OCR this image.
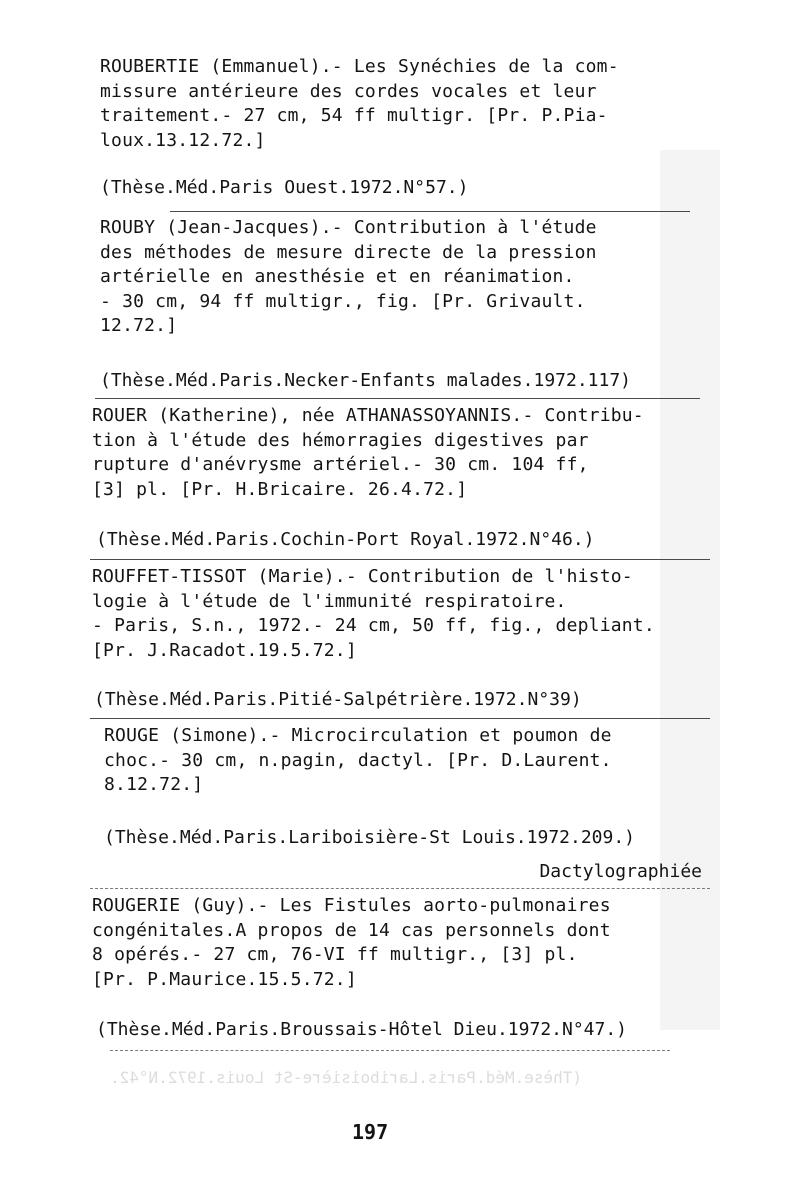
ROUBERTIE (Emmanuel).- Les Synéchies de la com-
missure antérieure des cordes vocales et leur
traitement.- 27 cm, 54 ff multigr. [Pr. P.Pia-
loux.13.12.72.]
(Thèse.Méd.Paris Ouest.1972.N°57.)
ROUBY (Jean-Jacques).- Contribution à l'étude
des méthodes de mesure directe de la pression
artérielle en anesthésie et en réanimation.
- 30 cm, 94 ff multigr., fig. [Pr. Grivault.
12.72.]
(Thèse.Méd.Paris.Necker-Enfants malades.1972.117)
ROUER (Katherine), née ATHANASSOYANNIS.- Contribu-
tion à l'étude des hémorragies digestives par
rupture d'anévrysme artériel.- 30 cm. 104 ff,
[3] pl. [Pr. H.Bricaire. 26.4.72.]
(Thèse.Méd.Paris.Cochin-Port Royal.1972.N°46.)
ROUFFET-TISSOT (Marie).- Contribution de l'histo-
logie à l'étude de l'immunité respiratoire.
- Paris, S.n., 1972.- 24 cm, 50 ff, fig., depliant.
[Pr. J.Racadot.19.5.72.]
(Thèse.Méd.Paris.Pitié-Salpétrière.1972.N°39)
ROUGE (Simone).- Microcirculation et poumon de
choc.- 30 cm, n.pagin, dactyl. [Pr. D.Laurent.
8.12.72.]
(Thèse.Méd.Paris.Lariboisière-St Louis.1972.209.)
Dactylographiée
ROUGERIE (Guy).- Les Fistules aorto-pulmonaires
congénitales.A propos de 14 cas personnels dont
8 opérés.- 27 cm, 76-VI ff multigr., [3] pl.
[Pr. P.Maurice.15.5.72.]
(Thèse.Méd.Paris.Broussais-Hôtel Dieu.1972.N°47.)
(Thèse.Méd.Paris.Lariboisière-St Louis.1972.N°42.
197
